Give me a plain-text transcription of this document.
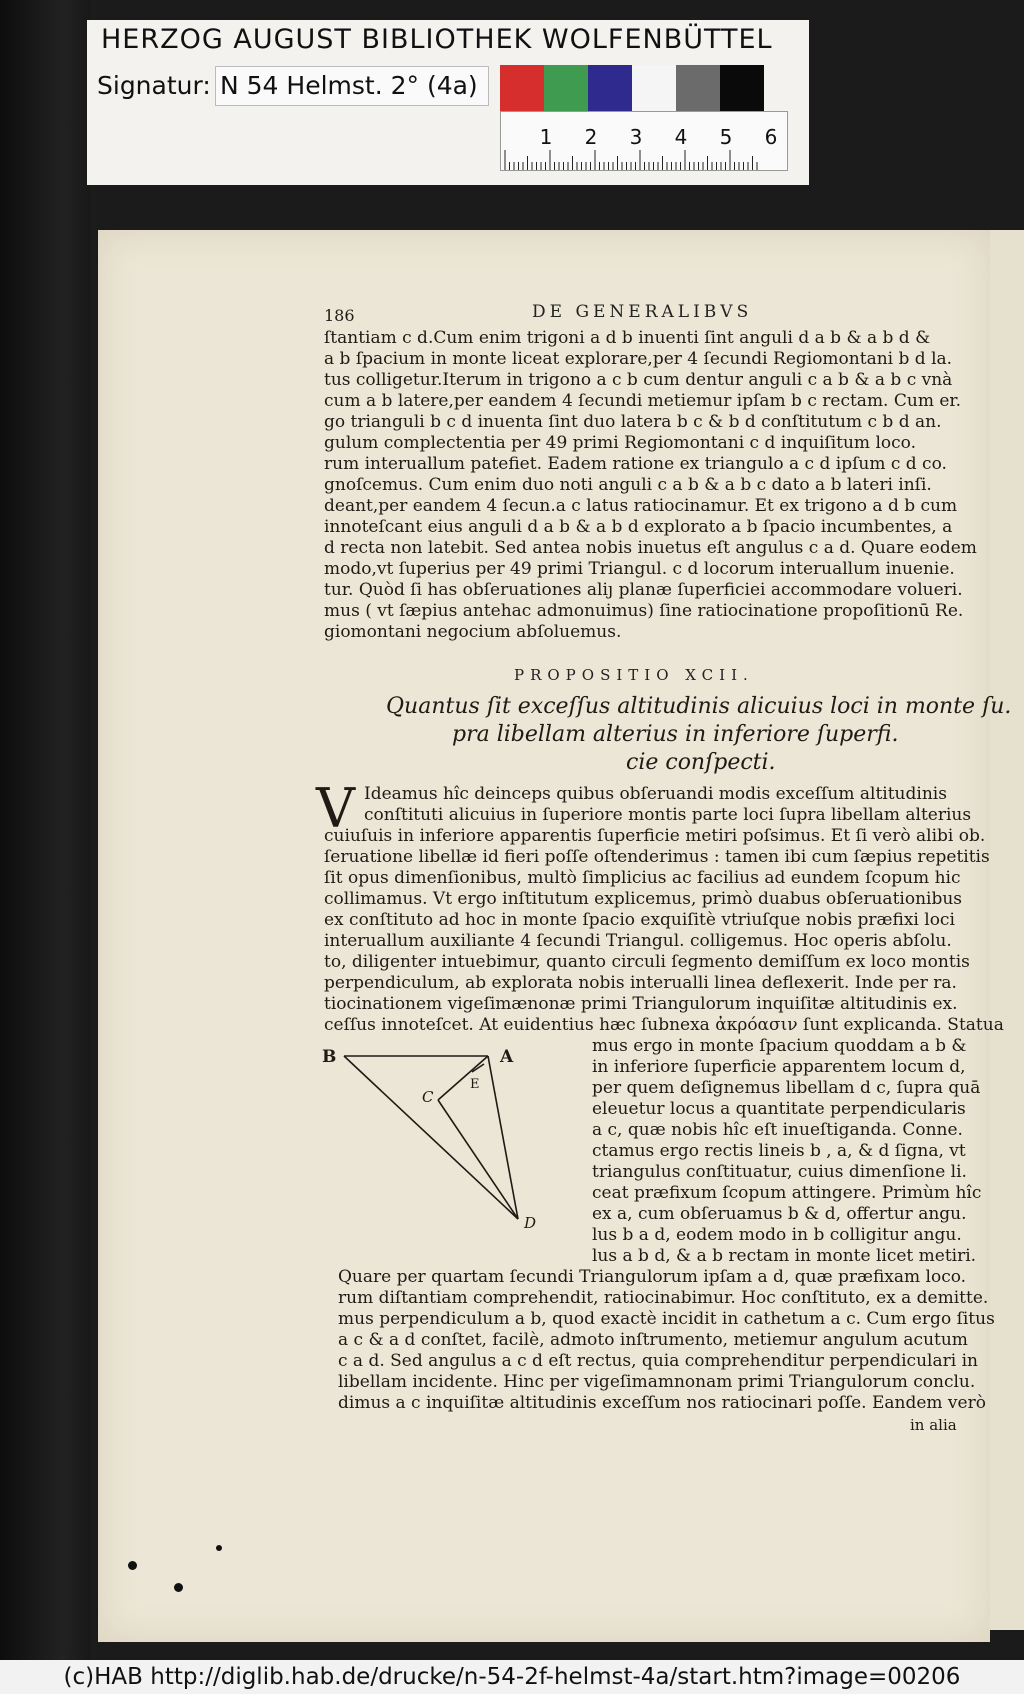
HERZOG AUGUST BIBLIOTHEK WOLFENBÜTTEL
Signatur: N 54 Helmst. 2° (4a)
1 2 3 4 5 6
186	DE GENERALIBVS
ſtantiam c d.Cum enim trigoni a d b inuenti ſint anguli d a b & a b d &
a b ſpacium in monte liceat explorare,per 4 ſecundi Regiomontani b d la.
tus colligetur.Iterum in trigono a c b cum dentur anguli c a b & a b c vnà
cum a b latere,per eandem 4 ſecundi metiemur ipſam b c rectam. Cum er.
go trianguli b c d inuenta ſint duo latera b c & b d conſtitutum c b d an.
gulum complectentia per 49 primi Regiomontani c d inquiſitum loco.
rum interuallum patefiet. Eadem ratione ex triangulo a c d ipſum c d co.
gnoſcemus. Cum enim duo noti anguli c a b & a b c dato a b lateri inſi.
deant,per eandem 4 ſecun.a c latus ratiocinamur. Et ex trigono a d b cum
innoteſcant eius anguli d a b & a b d explorato a b ſpacio incumbentes, a
d recta non latebit. Sed antea nobis inuetus eſt angulus c a d. Quare eodem
modo,vt ſuperius per 49 primi Triangul. c d locorum interuallum inuenie.
tur. Quòd ſi has obſeruationes aliȷ planæ ſuperficiei accommodare volueri.
mus ( vt ſæpius antehac admonuimus) ſine ratiocinatione propoſitionū Re.
giomontani negocium abſoluemus.
PROPOSITIO XCII.
Quantus ſit exceſſus altitudinis alicuius loci in monte ſu.
pra libellam alterius in inferiore ſuperfi.
cie conſpecti.
V Ideamus hîc deinceps quibus obſeruandi modis exceſſum altitudinis
conſtituti alicuius in ſuperiore montis parte loci ſupra libellam alterius
cuiuſuis in inferiore apparentis ſuperficie metiri poſsimus. Et ſi verò alibi ob.
ſeruatione libellæ id fieri poſſe oſtenderimus : tamen ibi cum ſæpius repetitis
ſit opus dimenſionibus, multò ſimplicius ac facilius ad eundem ſcopum hic
collimamus. Vt ergo inſtitutum explicemus, primò duabus obſeruationibus
ex conſtituto ad hoc in monte ſpacio exquiſitè vtriuſque nobis præfixi loci
interuallum auxiliante 4 ſecundi Triangul. colligemus. Hoc operis abſolu.
to, diligenter intuebimur, quanto circuli ſegmento demiſſum ex loco montis
perpendiculum, ab explorata nobis interualli linea deflexerit. Inde per ra.
tiocinationem vigeſimænonæ primi Triangulorum inquiſitæ altitudinis ex.
ceſſus innoteſcet. At euidentius hæc ſubnexa ἀκρόασιν ſunt explicanda. Statua
B	A
C
E
D
mus ergo in monte ſpacium quoddam a b &
in inferiore ſuperficie apparentem locum d,
per quem deſignemus libellam d c, ſupra quā
eleuetur locus a quantitate perpendicularis
a c, quæ nobis hîc eſt inueſtiganda. Conne.
ctamus ergo rectis lineis b , a, & d ſigna, vt
triangulus conſtituatur, cuius dimenſione li.
ceat præfixum ſcopum attingere. Primùm hîc
ex a, cum obſeruamus b & d, offertur angu.
lus b a d, eodem modo in b colligitur angu.
lus a b d, & a b rectam in monte licet metiri.
Quare per quartam ſecundi Triangulorum ipſam a d, quæ præfixam loco.
rum diſtantiam comprehendit, ratiocinabimur. Hoc conſtituto, ex a demitte.
mus perpendiculum a b, quod exactè incidit in cathetum a c. Cum ergo ſitus
a c & a d conſtet, facilè, admoto inſtrumento, metiemur angulum acutum
c a d. Sed angulus a c d eſt rectus, quia comprehenditur perpendiculari in
libellam incidente. Hinc per vigeſimamnonam primi Triangulorum conclu.
dimus a c inquiſitæ altitudinis exceſſum nos ratiocinari poſſe. Eandem verò
in alia
(c)HAB http://diglib.hab.de/drucke/n-54-2f-helmst-4a/start.htm?image=00206
